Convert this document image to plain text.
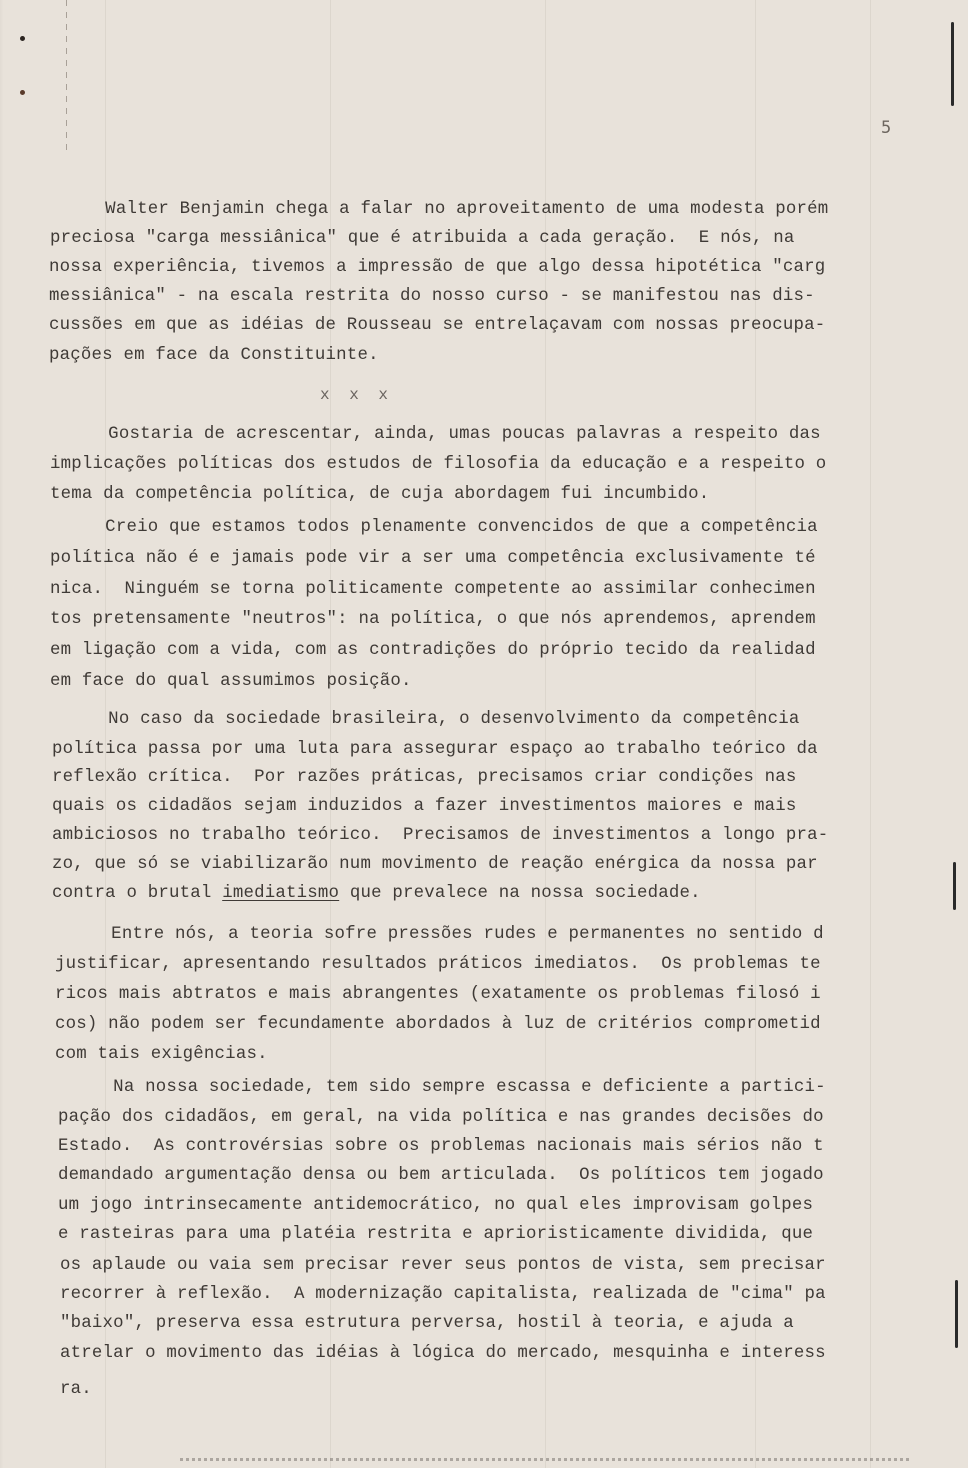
5
Walter Benjamin chega a falar no aproveitamento de uma modesta porém
preciosa "carga messiânica" que é atribuida a cada geração.  E nós, na
nossa experiência, tivemos a impressão de que algo dessa hipotética "carg
messiânica" - na escala restrita do nosso curso - se manifestou nas dis-
cussões em que as idéias de Rousseau se entrelaçavam com nossas preocupa-
pações em face da Constituinte.
x x x
Gostaria de acrescentar, ainda, umas poucas palavras a respeito das
implicações políticas dos estudos de filosofia da educação e a respeito o
tema da competência política, de cuja abordagem fui incumbido.
Creio que estamos todos plenamente convencidos de que a competência
política não é e jamais pode vir a ser uma competência exclusivamente té
nica.  Ninguém se torna politicamente competente ao assimilar conhecimen
tos pretensamente "neutros": na política, o que nós aprendemos, aprendem
em ligação com a vida, com as contradições do próprio tecido da realidad
em face do qual assumimos posição.
No caso da sociedade brasileira, o desenvolvimento da competência
política passa por uma luta para assegurar espaço ao trabalho teórico da
reflexão crítica.  Por razões práticas, precisamos criar condições nas
quais os cidadãos sejam induzidos a fazer investimentos maiores e mais
ambiciosos no trabalho teórico.  Precisamos de investimentos a longo pra-
zo, que só se viabilizarão num movimento de reação enérgica da nossa par
contra o brutal imediatismo que prevalece na nossa sociedade.
Entre nós, a teoria sofre pressões rudes e permanentes no sentido d
justificar, apresentando resultados práticos imediatos.  Os problemas te
ricos mais abtratos e mais abrangentes (exatamente os problemas filosó i
cos) não podem ser fecundamente abordados à luz de critérios comprometid
com tais exigências.
Na nossa sociedade, tem sido sempre escassa e deficiente a partici-
pação dos cidadãos, em geral, na vida política e nas grandes decisões do
Estado.  As controvérsias sobre os problemas nacionais mais sérios não t
demandado argumentação densa ou bem articulada.  Os políticos tem jogado
um jogo intrinsecamente antidemocrático, no qual eles improvisam golpes
e rasteiras para uma platéia restrita e aprioristicamente dividida, que
os aplaude ou vaia sem precisar rever seus pontos de vista, sem precisar
recorrer à reflexão.  A modernização capitalista, realizada de "cima" pa
"baixo", preserva essa estrutura perversa, hostil à teoria, e ajuda a
atrelar o movimento das idéias à lógica do mercado, mesquinha e interess
ra.
